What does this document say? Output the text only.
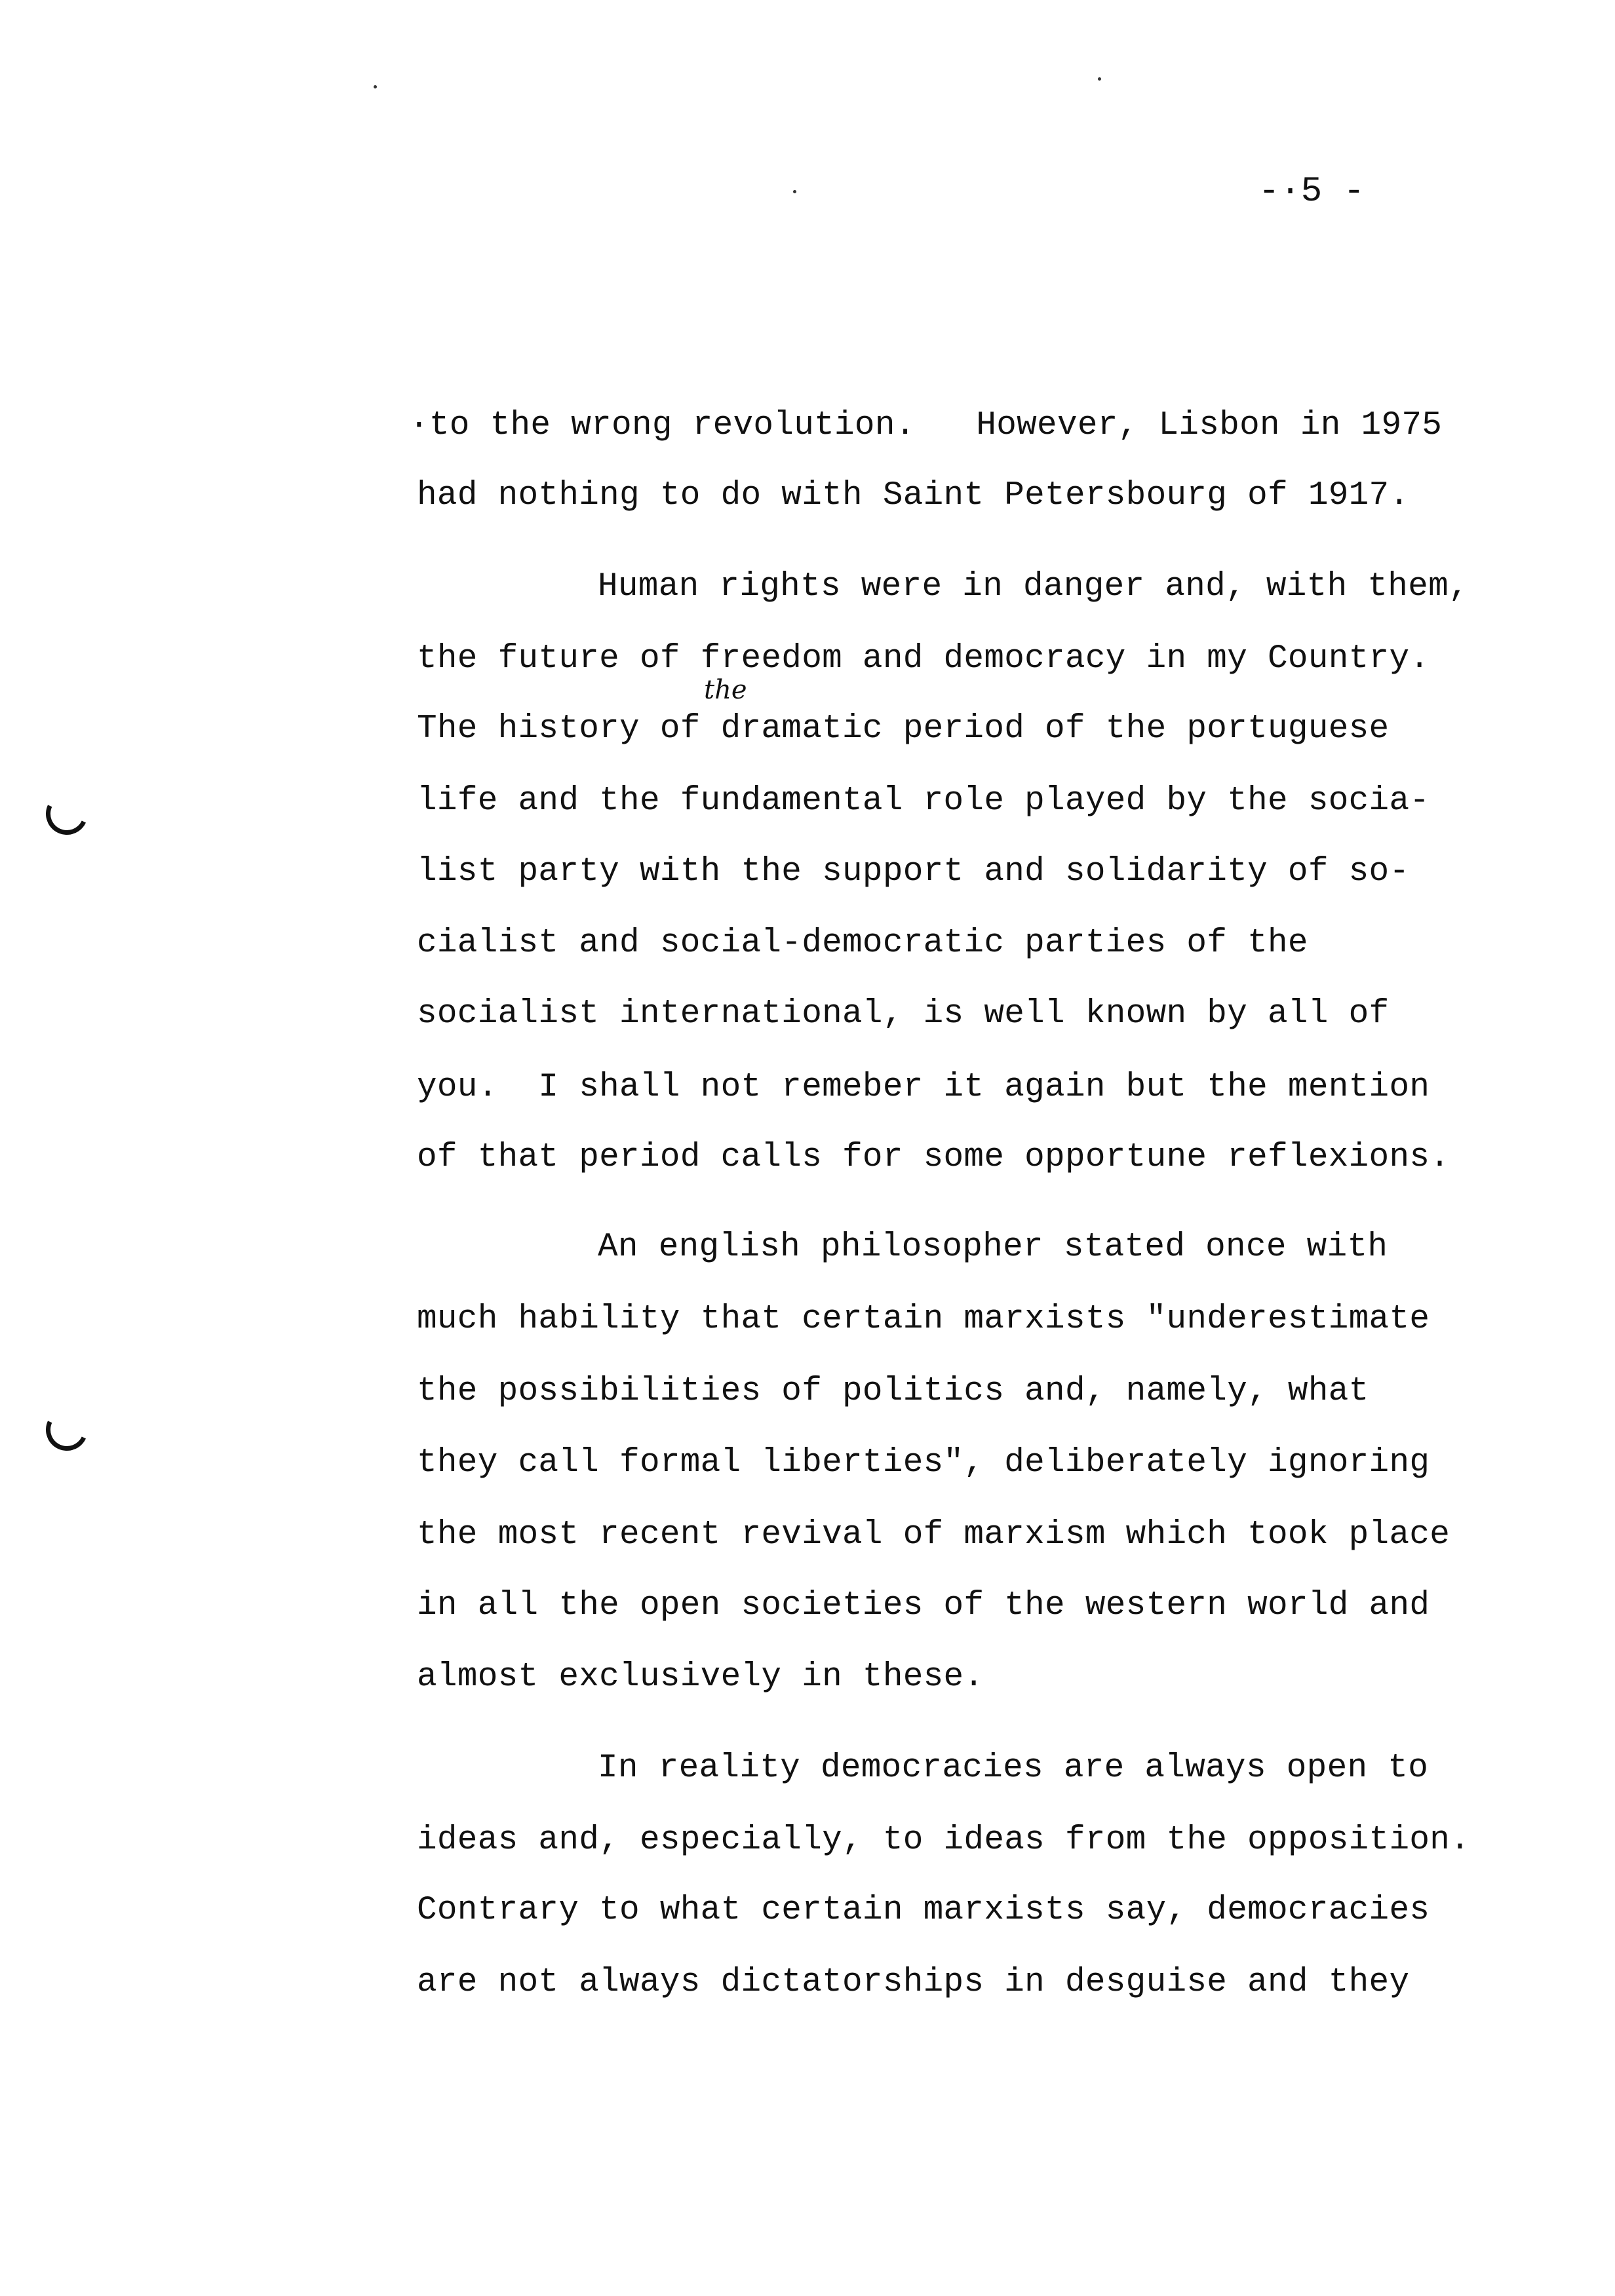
-·5 -
the
·to the wrong revolution.   However, Lisbon in 1975
had nothing to do with Saint Petersbourg of 1917.
Human rights were in danger and, with them,
the future of freedom and democracy in my Country.
The history of dramatic period of the portuguese
life and the fundamental role played by the socia-
list party with the support and solidarity of so-
cialist and social-democratic parties of the
socialist international, is well known by all of
you.  I shall not remeber it again but the mention
of that period calls for some opportune reflexions.
An english philosopher stated once with
much hability that certain marxists "underestimate
the possibilities of politics and, namely, what
they call formal liberties", deliberately ignoring
the most recent revival of marxism which took place
in all the open societies of the western world and
almost exclusively in these.
In reality democracies are always open to
ideas and, especially, to ideas from the opposition.
Contrary to what certain marxists say, democracies
are not always dictatorships in desguise and they
